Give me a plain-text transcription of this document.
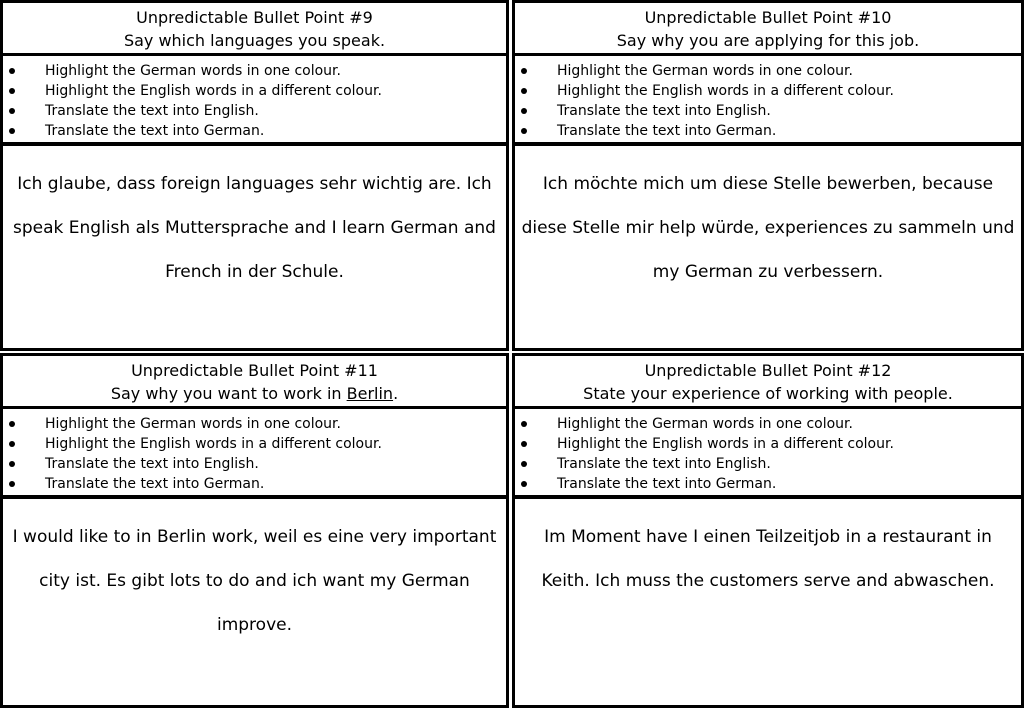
Unpredictable Bullet Point #9
Say which languages you speak.
Highlight the German words in one colour.
Highlight the English words in a different colour.
Translate the text into English.
Translate the text into German.
Ich glaube, dass foreign languages sehr wichtig are. Ich speak English als Muttersprache and I learn German and French in der Schule.
Unpredictable Bullet Point #10
Say why you are applying for this job.
Highlight the German words in one colour.
Highlight the English words in a different colour.
Translate the text into English.
Translate the text into German.
Ich möchte mich um diese Stelle bewerben, because diese Stelle mir help würde, experiences zu sammeln und my German zu verbessern.
Unpredictable Bullet Point #11
Say why you want to work in Berlin.
Highlight the German words in one colour.
Highlight the English words in a different colour.
Translate the text into English.
Translate the text into German.
I would like to in Berlin work, weil es eine very important city ist. Es gibt lots to do and ich want my German improve.
Unpredictable Bullet Point #12
State your experience of working with people.
Highlight the German words in one colour.
Highlight the English words in a different colour.
Translate the text into English.
Translate the text into German.
Im Moment have I einen Teilzeitjob in a restaurant in Keith. Ich muss the customers serve and abwaschen.
